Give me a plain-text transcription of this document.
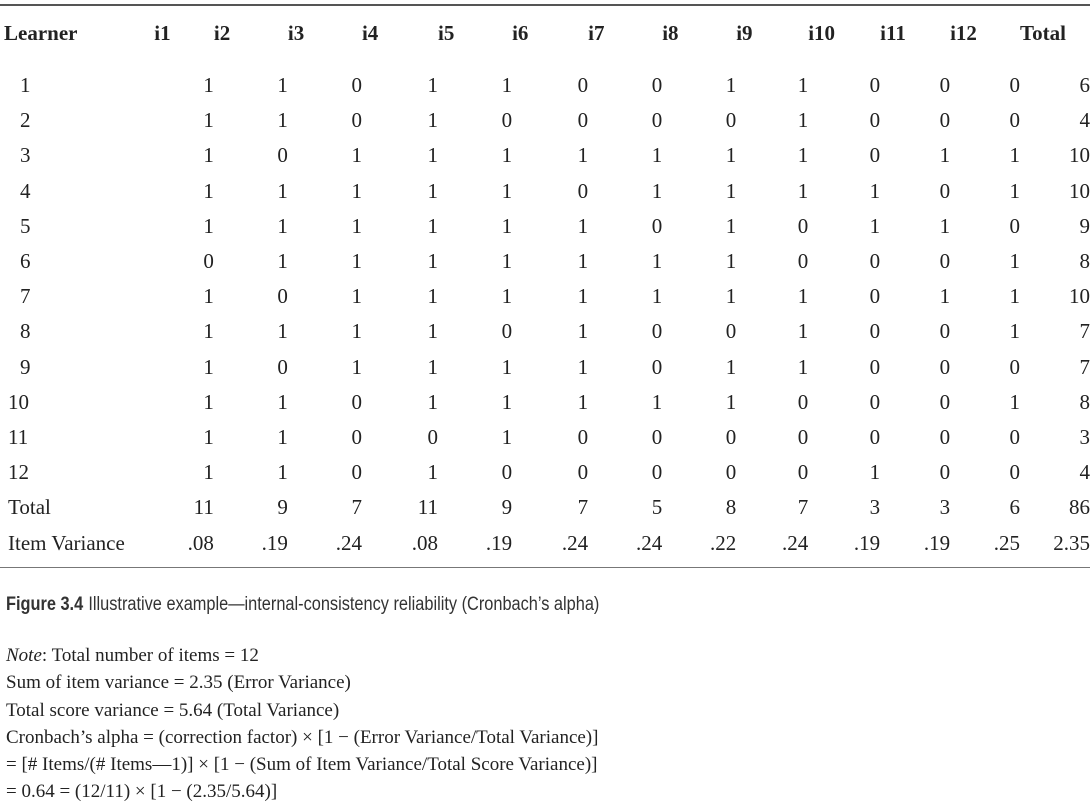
Learner	i1	i2	i3	i4	i5	i6	i7	i8	i9	i10	i11	i12	Total
1	1	1	0	1	1	0	0	1	1	0	0	0	6
2	1	1	0	1	0	0	0	0	1	0	0	0	4
3	1	0	1	1	1	1	1	1	1	0	1	1	10
4	1	1	1	1	1	0	1	1	1	1	0	1	10
5	1	1	1	1	1	1	0	1	0	1	1	0	9
6	0	1	1	1	1	1	1	1	0	0	0	1	8
7	1	0	1	1	1	1	1	1	1	0	1	1	10
8	1	1	1	1	0	1	0	0	1	0	0	1	7
9	1	0	1	1	1	1	0	1	1	0	0	0	7
10	1	1	0	1	1	1	1	1	0	0	0	1	8
11	1	1	0	0	1	0	0	0	0	0	0	0	3
12	1	1	0	1	0	0	0	0	0	1	0	0	4
Total	11	9	7	11	9	7	5	8	7	3	3	6	86
Item Variance	.08	.19	.24	.08	.19	.24	.24	.22	.24	.19	.19	.25	2.35
Figure 3.4 Illustrative example—internal-consistency reliability (Cronbach’s alpha)
Note: Total number of items = 12
Sum of item variance = 2.35 (Error Variance)
Total score variance = 5.64 (Total Variance)
Cronbach’s alpha = (correction factor) × [1 − (Error Variance/Total Variance)]
= [# Items/(# Items—1)] × [1 − (Sum of Item Variance/Total Score Variance)]
= 0.64 = (12/11) × [1 − (2.35/5.64)]
